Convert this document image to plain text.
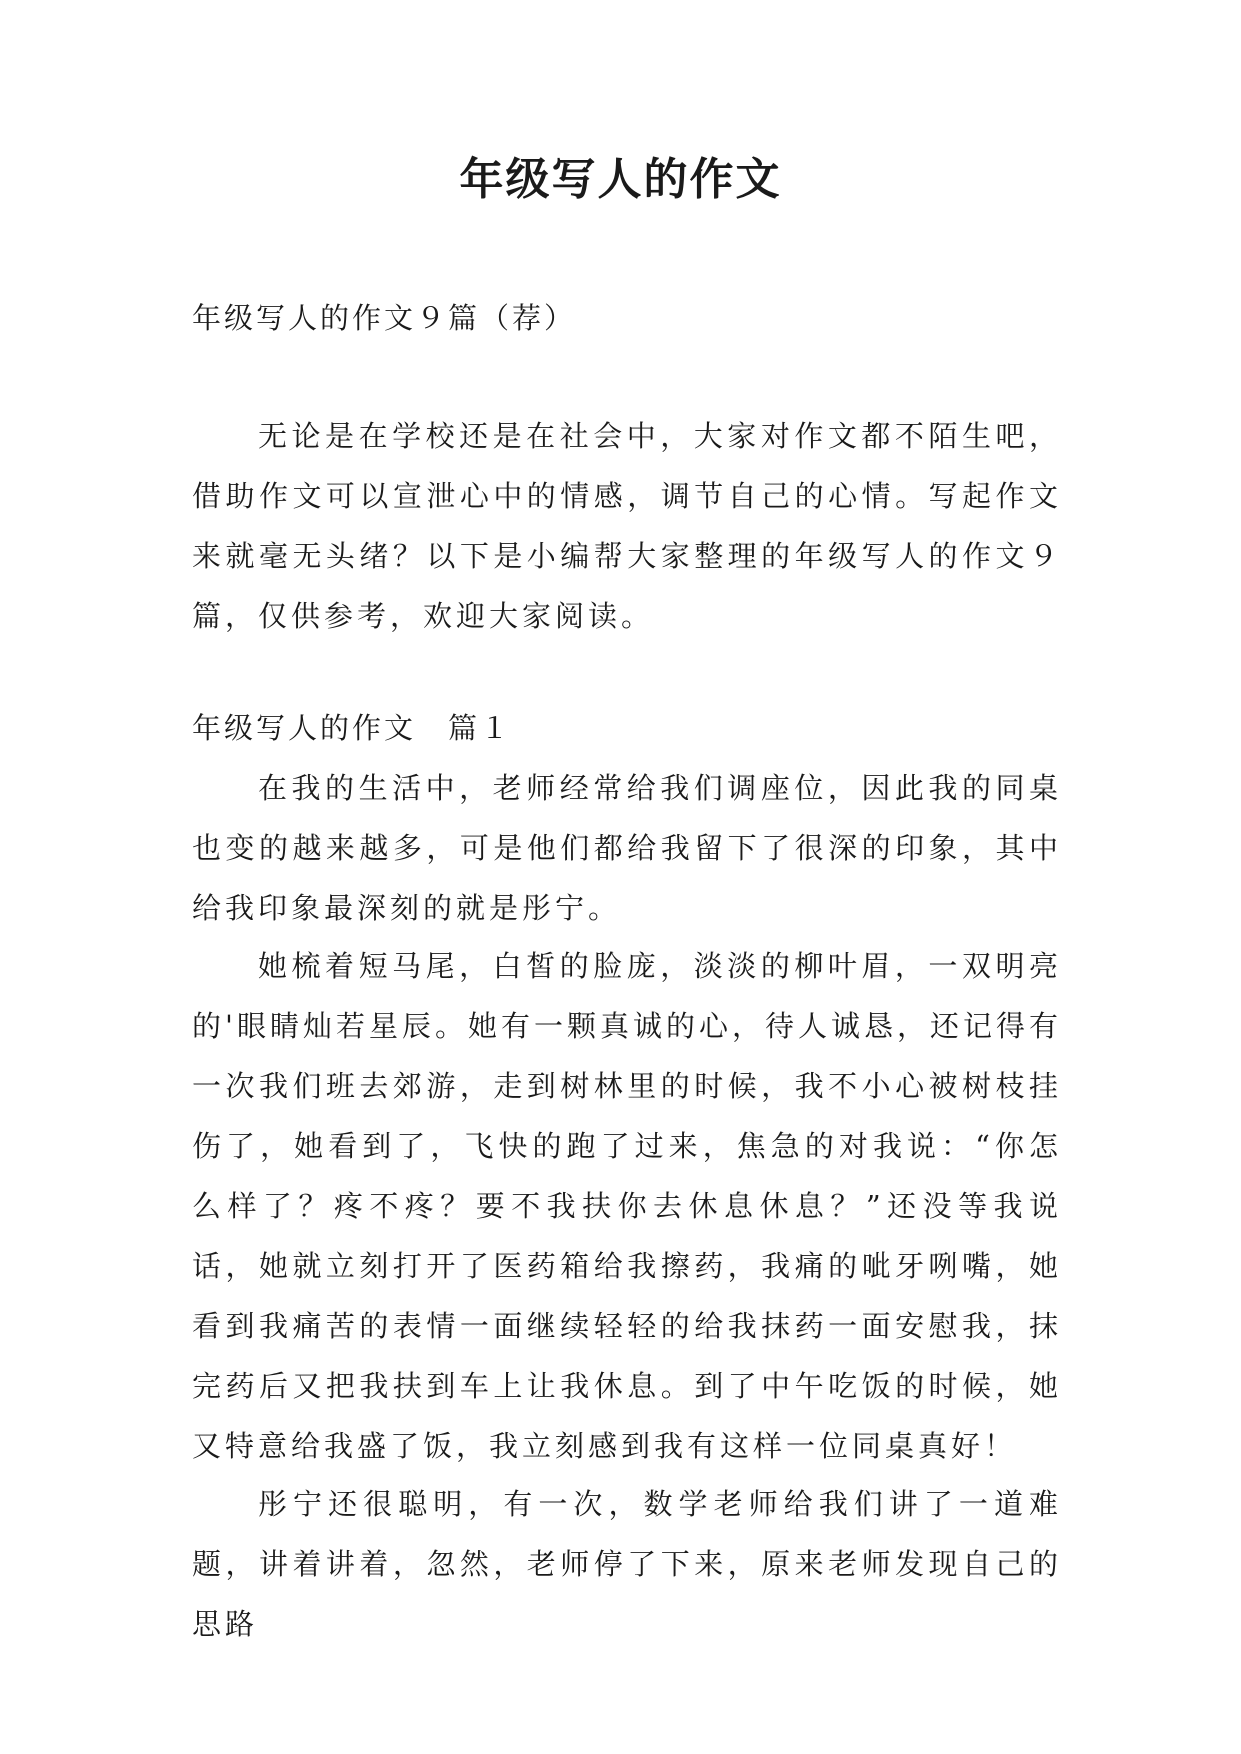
年级写人的作文
年级写人的作文９篇（荐）

无论是在学校还是在社会中，大家对作文都不陌生吧，借助作文可以宣泄心中的情感，调节自己的心情。写起作文来就毫无头绪？以下是小编帮大家整理的年级写人的作文９篇，仅供参考，欢迎大家阅读。

年级写人的作文　篇１

在我的生活中，老师经常给我们调座位，因此我的同桌也变的越来越多，可是他们都给我留下了很深的印象，其中给我印象最深刻的就是彤宁。

她梳着短马尾，白皙的脸庞，淡淡的柳叶眉，一双明亮的'眼睛灿若星辰。她有一颗真诚的心，待人诚恳，还记得有一次我们班去郊游，走到树林里的时候，我不小心被树枝挂伤了，她看到了，飞快的跑了过来，焦急的对我说：“你怎么样了？疼不疼？要不我扶你去休息休息？”还没等我说话，她就立刻打开了医药箱给我擦药，我痛的呲牙咧嘴，她看到我痛苦的表情一面继续轻轻的给我抹药一面安慰我，抹完药后又把我扶到车上让我休息。到了中午吃饭的时候，她又特意给我盛了饭，我立刻感到我有这样一位同桌真好！

彤宁还很聪明，有一次，数学老师给我们讲了一道难题，讲着讲着，忽然，老师停了下来，原来老师发现自己的思路
